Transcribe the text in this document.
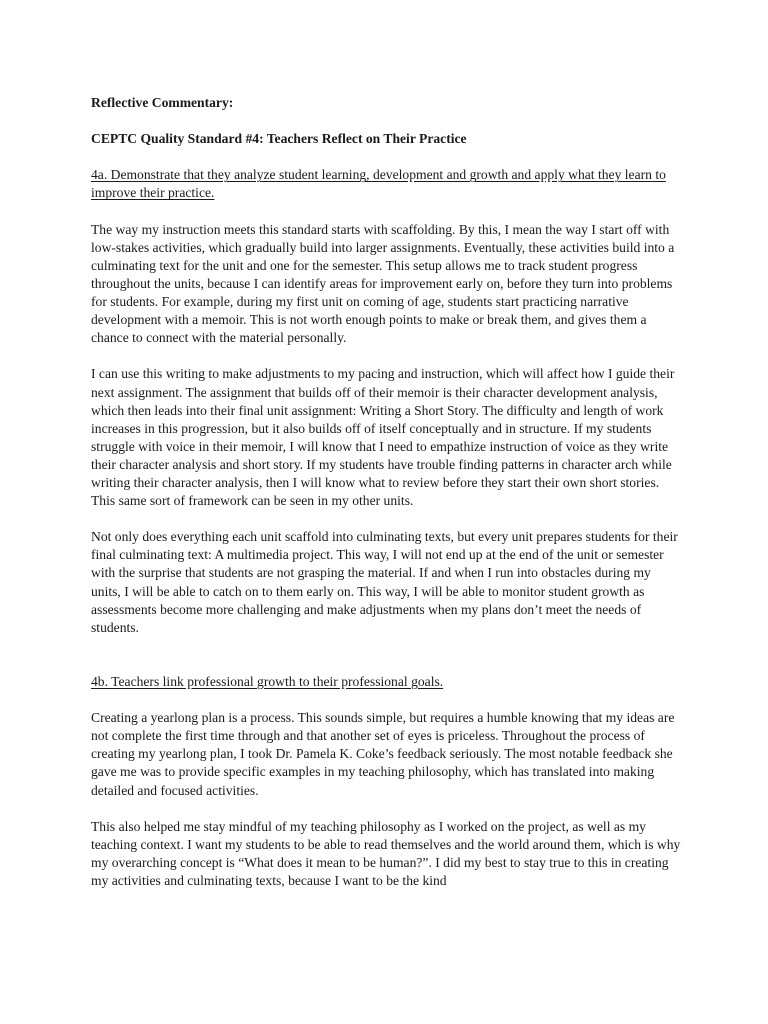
Reflective Commentary:

CEPTC Quality Standard #4: Teachers Reflect on Their Practice

4a. Demonstrate that they analyze student learning, development and growth and apply what they learn to improve their practice.

The way my instruction meets this standard starts with scaffolding. By this, I mean the way I start off with low-stakes activities, which gradually build into larger assignments. Eventually, these activities build into a culminating text for the unit and one for the semester. This setup allows me to track student progress throughout the units, because I can identify areas for improvement early on, before they turn into problems for students. For example, during my first unit on coming of age, students start practicing narrative development with a memoir. This is not worth enough points to make or break them, and gives them a chance to connect with the material personally.

I can use this writing to make adjustments to my pacing and instruction, which will affect how I guide their next assignment. The assignment that builds off of their memoir is their character development analysis, which then leads into their final unit assignment: Writing a Short Story. The difficulty and length of work increases in this progression, but it also builds off of itself conceptually and in structure. If my students struggle with voice in their memoir, I will know that I need to empathize instruction of voice as they write their character analysis and short story. If my students have trouble finding patterns in character arch while writing their character analysis, then I will know what to review before they start their own short stories. This same sort of framework can be seen in my other units.

Not only does everything each unit scaffold into culminating texts, but every unit prepares students for their final culminating text: A multimedia project. This way, I will not end up at the end of the unit or semester with the surprise that students are not grasping the material. If and when I run into obstacles during my units, I will be able to catch on to them early on. This way, I will be able to monitor student growth as assessments become more challenging and make adjustments when my plans don’t meet the needs of students.

4b. Teachers link professional growth to their professional goals.

Creating a yearlong plan is a process. This sounds simple, but requires a humble knowing that my ideas are not complete the first time through and that another set of eyes is priceless. Throughout the process of creating my yearlong plan, I took Dr. Pamela K. Coke’s feedback seriously. The most notable feedback she gave me was to provide specific examples in my teaching philosophy, which has translated into making detailed and focused activities.

This also helped me stay mindful of my teaching philosophy as I worked on the project, as well as my teaching context. I want my students to be able to read themselves and the world around them, which is why my overarching concept is “What does it mean to be human?”. I did my best to stay true to this in creating my activities and culminating texts, because I want to be the kind
